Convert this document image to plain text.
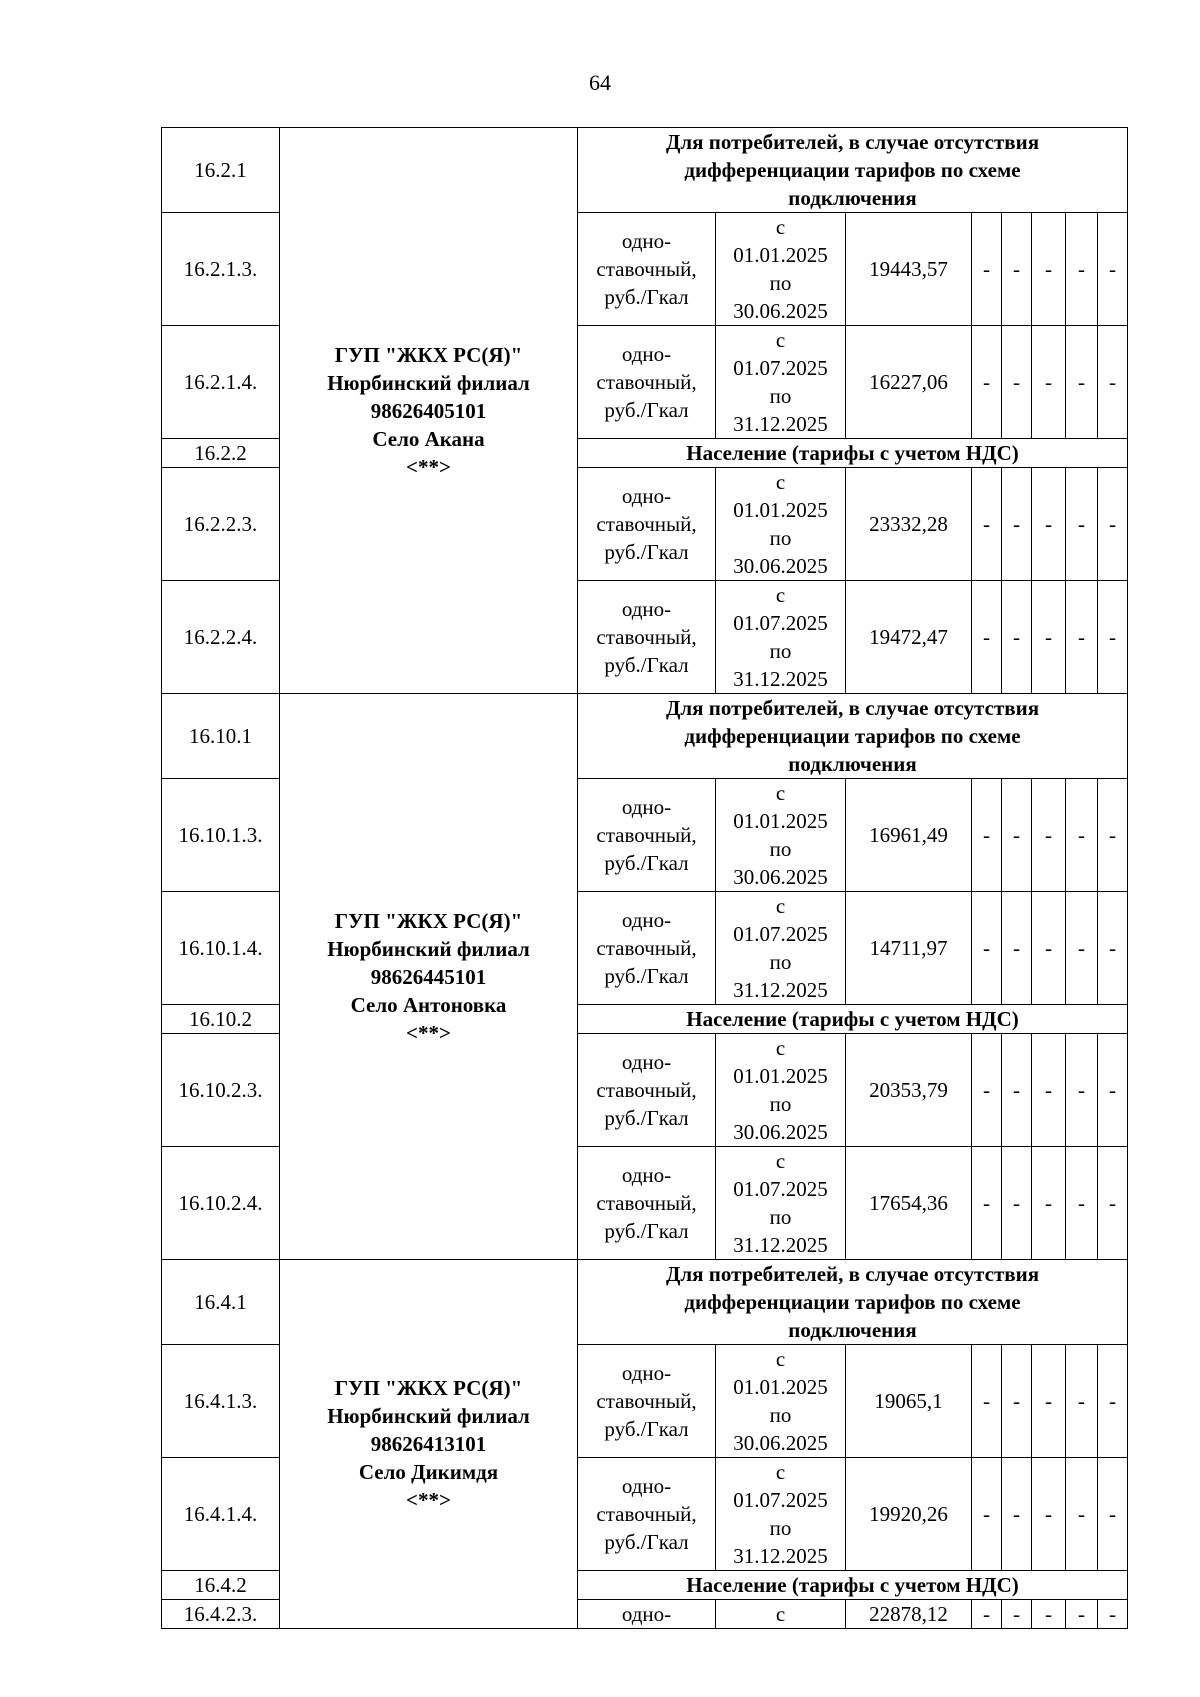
64
16.2.1	ГУП "ЖКХ РС(Я)"
Нюрбинский филиал
98626405101
Село Акана
<**>	Для потребителей, в случае отсутствия
дифференциации тарифов по схеме
подключения							

16.2.1.3.		одно-
ставочный,
руб./Гкал	с
01.01.2025
по
30.06.2025	19443,57	-	-	-	-	-
16.2.1.4.		одно-
ставочный,
руб./Гкал	с
01.07.2025
по
31.12.2025	16227,06	-	-	-	-	-
16.2.2		Население (тарифы с учетом НДС)							

16.2.2.3.		одно-
ставочный,
руб./Гкал	с
01.01.2025
по
30.06.2025	23332,28	-	-	-	-	-
16.2.2.4.		одно-
ставочный,
руб./Гкал	с
01.07.2025
по
31.12.2025	19472,47	-	-	-	-	-
16.10.1	ГУП "ЖКХ РС(Я)"
Нюрбинский филиал
98626445101
Село Антоновка
<**>	Для потребителей, в случае отсутствия
дифференциации тарифов по схеме
подключения							

16.10.1.3.		одно-
ставочный,
руб./Гкал	с
01.01.2025
по
30.06.2025	16961,49	-	-	-	-	-
16.10.1.4.		одно-
ставочный,
руб./Гкал	с
01.07.2025
по
31.12.2025	14711,97	-	-	-	-	-
16.10.2		Население (тарифы с учетом НДС)							

16.10.2.3.		одно-
ставочный,
руб./Гкал	с
01.01.2025
по
30.06.2025	20353,79	-	-	-	-	-
16.10.2.4.		одно-
ставочный,
руб./Гкал	с
01.07.2025
по
31.12.2025	17654,36	-	-	-	-	-
16.4.1	ГУП "ЖКХ РС(Я)"
Нюрбинский филиал
98626413101
Село Дикимдя
<**>	Для потребителей, в случае отсутствия
дифференциации тарифов по схеме
подключения							

16.4.1.3.		одно-
ставочный,
руб./Гкал	с
01.01.2025
по
30.06.2025	19065,1	-	-	-	-	-
16.4.1.4.		одно-
ставочный,
руб./Гкал	с
01.07.2025
по
31.12.2025	19920,26	-	-	-	-	-
16.4.2		Население (тарифы с учетом НДС)							

16.4.2.3.		одно-	с	22878,12	-	-	-	-	-
